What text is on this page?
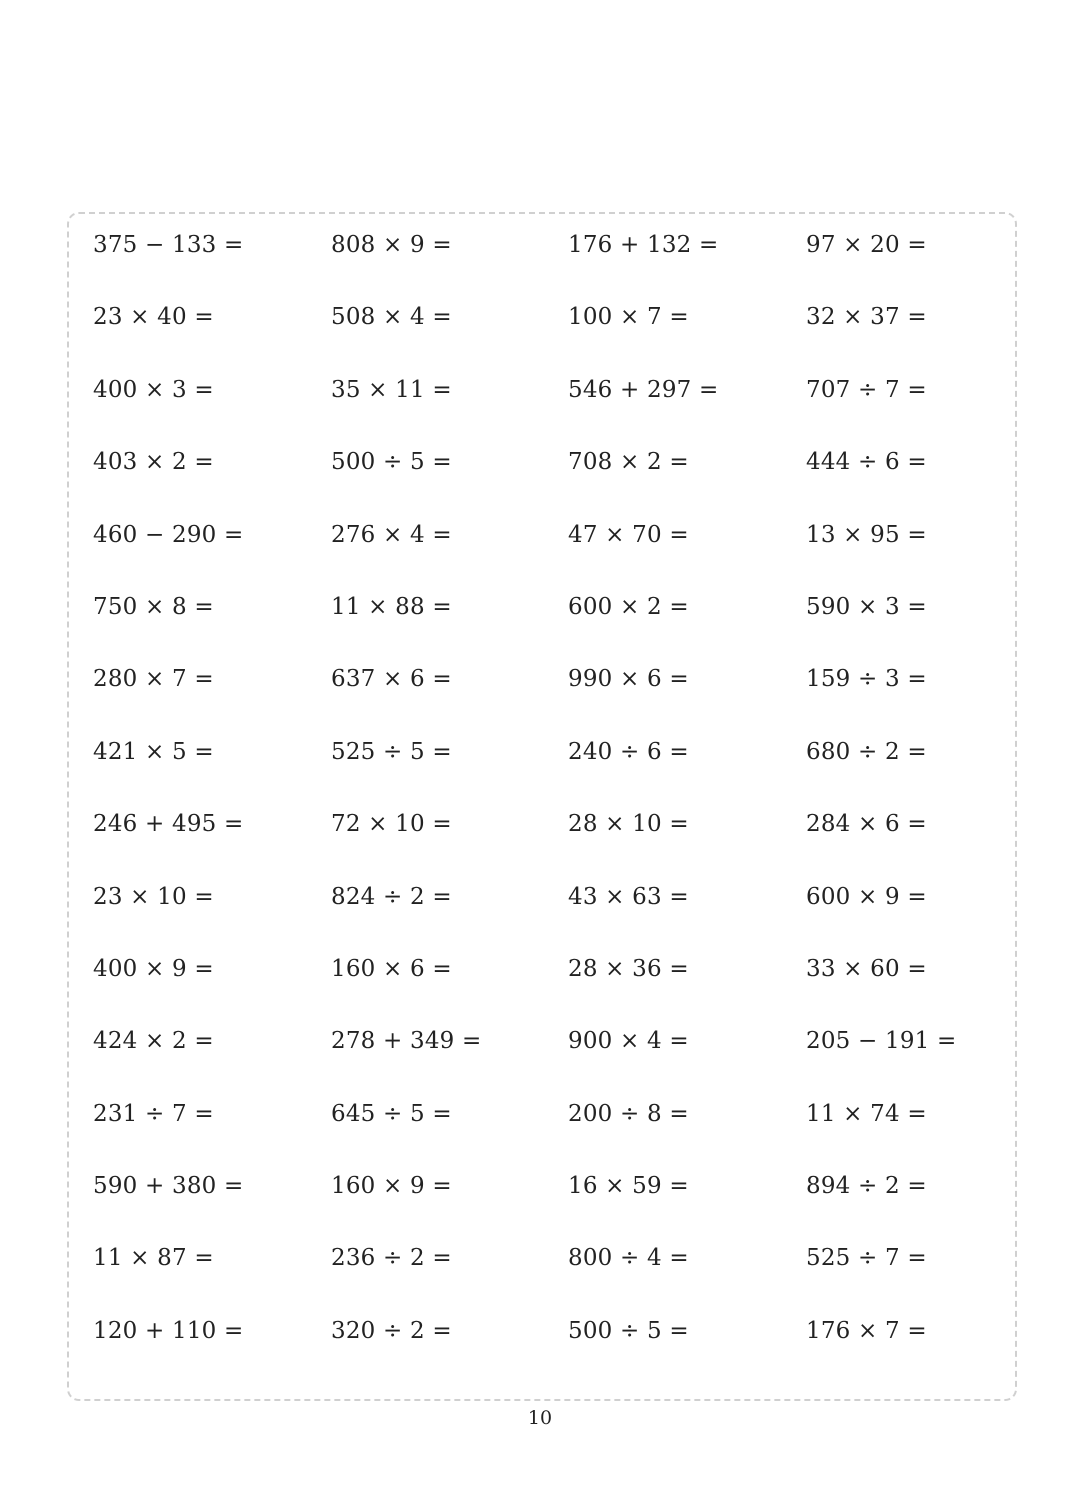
375 − 133 =	808 × 9 =	176 + 132 =	97 × 20 =
23 × 40 =	508 × 4 =	100 × 7 =	32 × 37 =
400 × 3 =	35 × 11 =	546 + 297 =	707 ÷ 7 =
403 × 2 =	500 ÷ 5 =	708 × 2 =	444 ÷ 6 =
460 − 290 =	276 × 4 =	47 × 70 =	13 × 95 =
750 × 8 =	11 × 88 =	600 × 2 =	590 × 3 =
280 × 7 =	637 × 6 =	990 × 6 =	159 ÷ 3 =
421 × 5 =	525 ÷ 5 =	240 ÷ 6 =	680 ÷ 2 =
246 + 495 =	72 × 10 =	28 × 10 =	284 × 6 =
23 × 10 =	824 ÷ 2 =	43 × 63 =	600 × 9 =
400 × 9 =	160 × 6 =	28 × 36 =	33 × 60 =
424 × 2 =	278 + 349 =	900 × 4 =	205 − 191 =
231 ÷ 7 =	645 ÷ 5 =	200 ÷ 8 =	11 × 74 =
590 + 380 =	160 × 9 =	16 × 59 =	894 ÷ 2 =
11 × 87 =	236 ÷ 2 =	800 ÷ 4 =	525 ÷ 7 =
120 + 110 =	320 ÷ 2 =	500 ÷ 5 =	176 × 7 =
10
